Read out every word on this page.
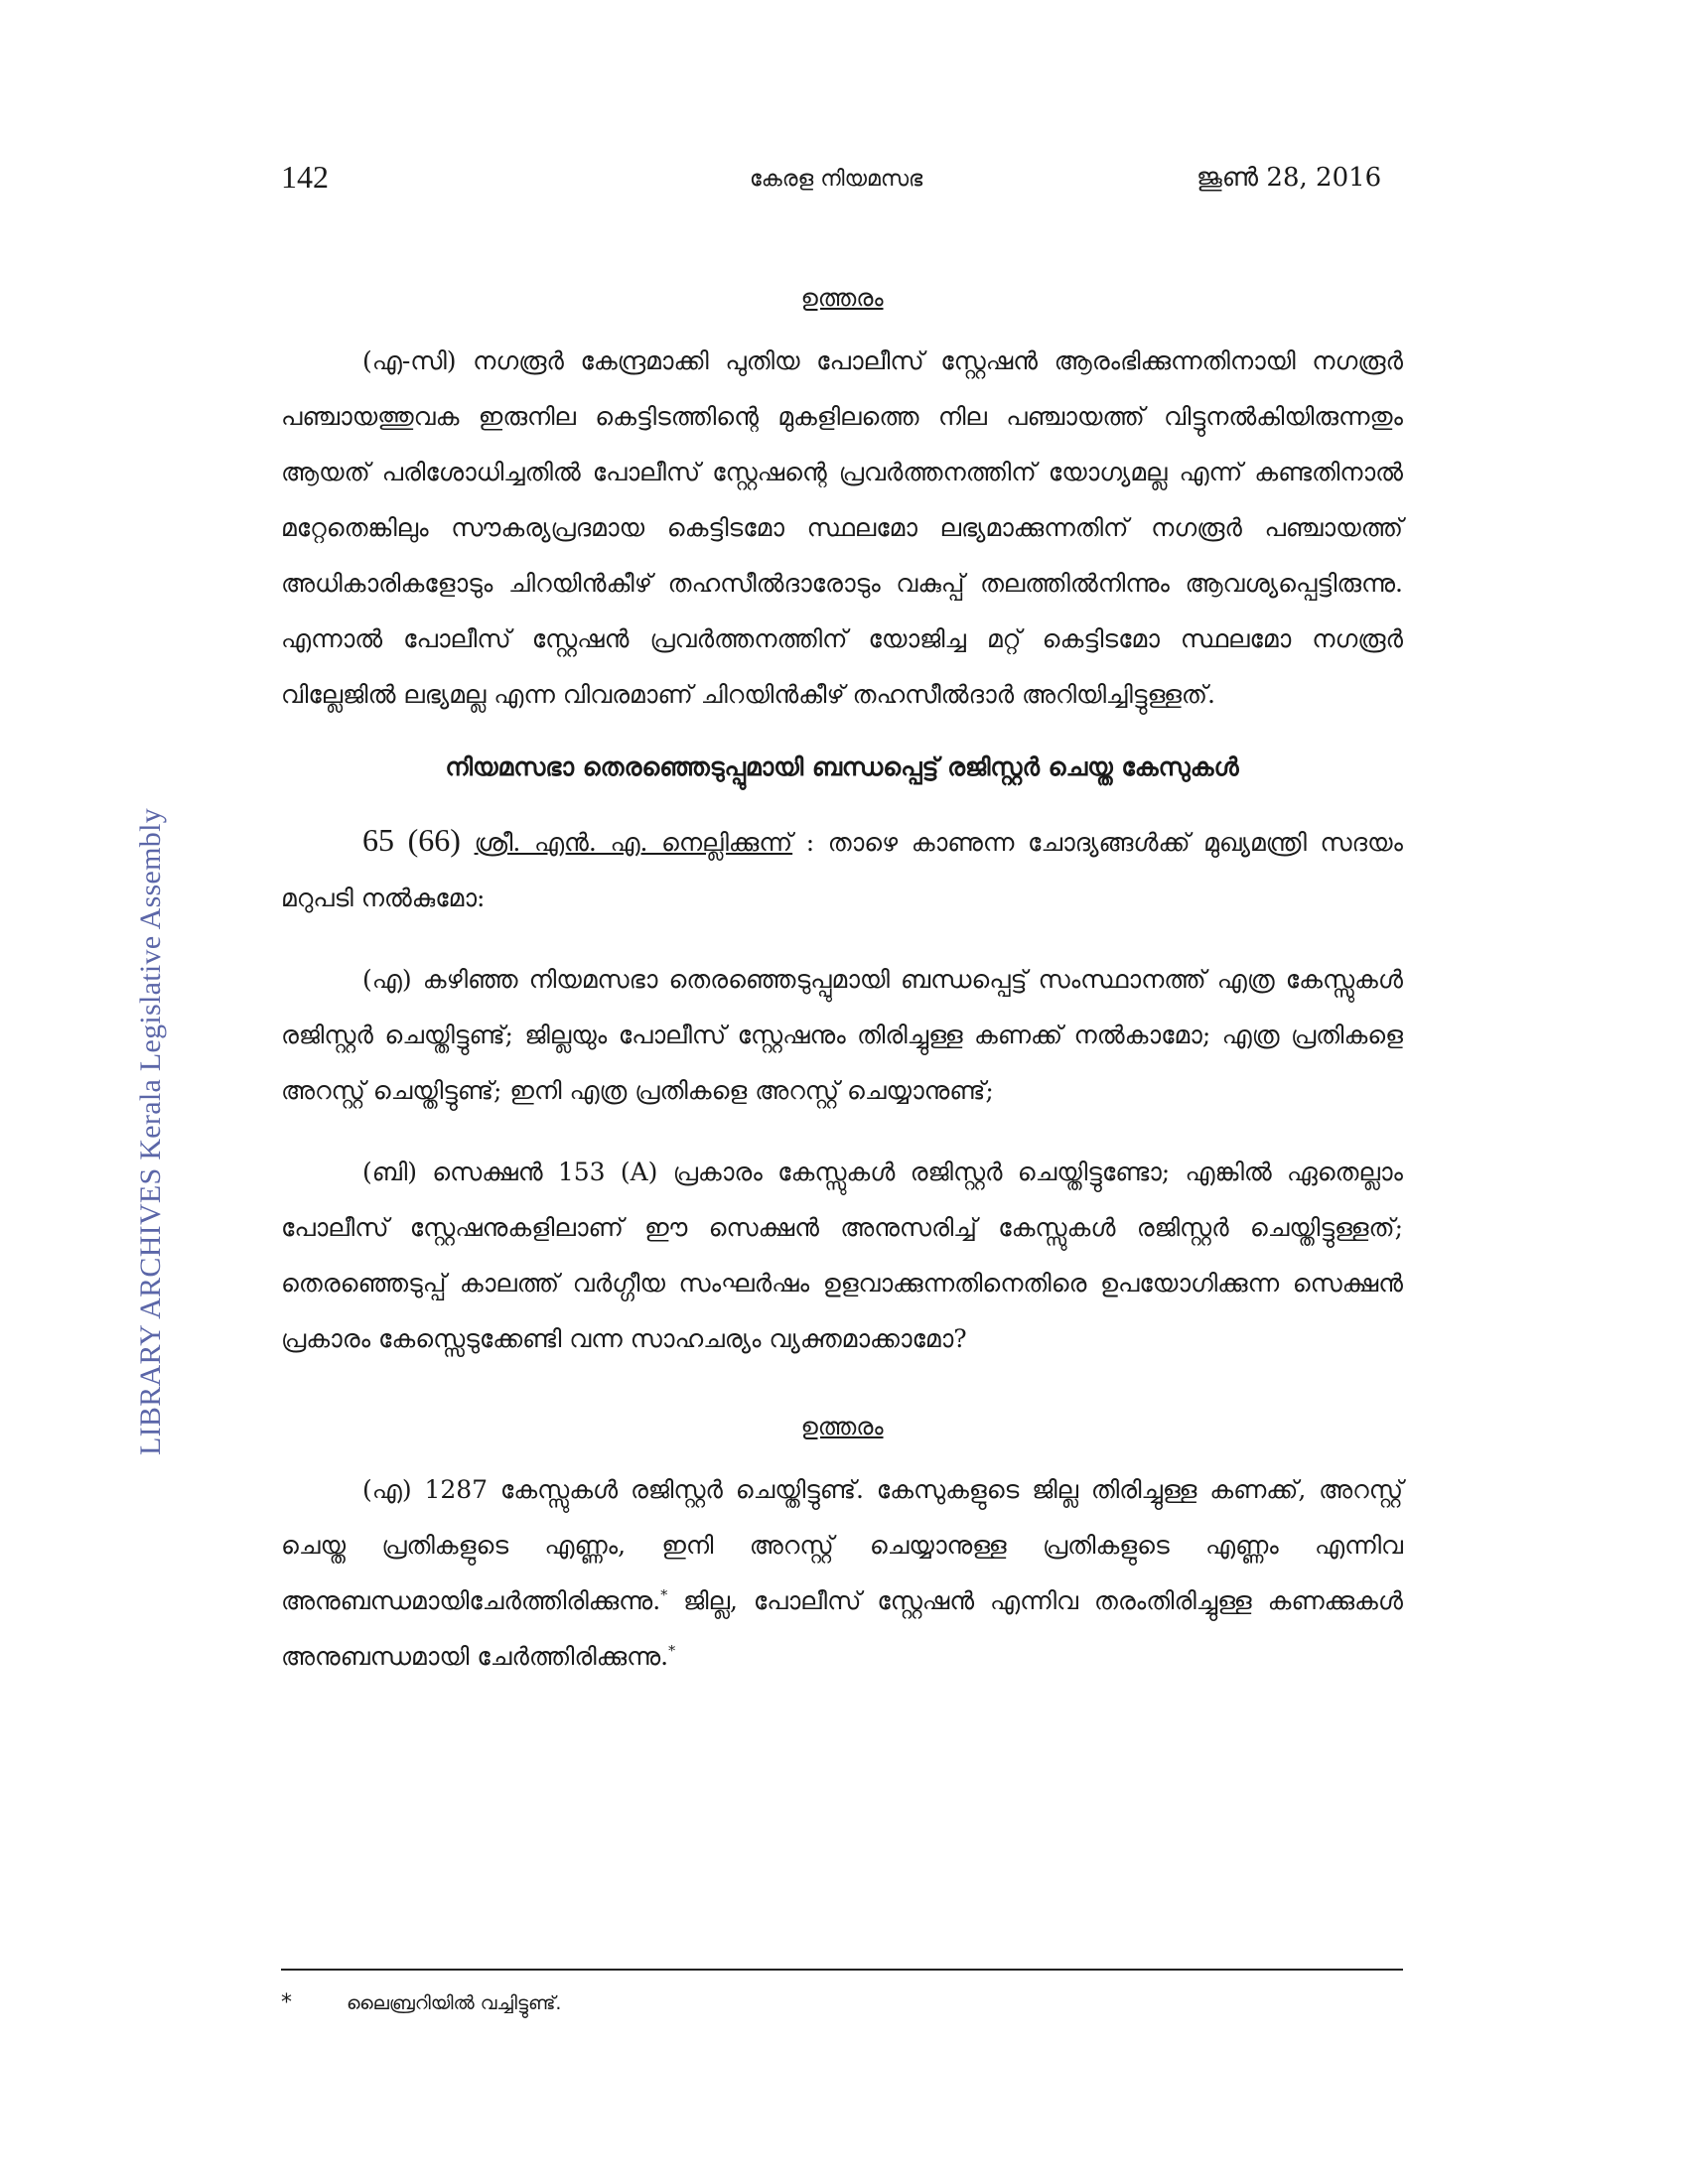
142	കേരള നിയമസഭ	ജൂൺ 28, 2016
LIBRARY ARCHIVES Kerala Legislative Assembly
ഉത്തരം

(എ-സി) നഗരൂർ കേന്ദ്രമാക്കി പുതിയ പോലീസ് സ്റ്റേഷൻ ആരംഭിക്കുന്നതിനായി നഗരൂർ പഞ്ചായത്തുവക ഇരുനില കെട്ടിടത്തിന്റെ മുകളിലത്തെ നില പഞ്ചായത്ത് വിട്ടുനൽകിയിരുന്നതും ആയത് പരിശോധിച്ചതിൽ പോലീസ് സ്റ്റേഷന്റെ പ്രവർത്തനത്തിന് യോഗ്യമല്ല എന്ന് കണ്ടതിനാൽ മറ്റേതെങ്കിലും സൗകര്യപ്രദമായ കെട്ടിടമോ സ്ഥലമോ ലഭ്യമാക്കുന്നതിന് നഗരൂർ പഞ്ചായത്ത് അധികാരികളോടും ചിറയിൻകീഴ് തഹസീൽദാരോടും വകുപ്പ് തലത്തിൽനിന്നും ആവശ്യപ്പെട്ടിരുന്നു. എന്നാൽ പോലീസ് സ്റ്റേഷൻ പ്രവർത്തനത്തിന് യോജിച്ച മറ്റ് കെട്ടിടമോ സ്ഥലമോ നഗരൂർ വില്ലേജിൽ ലഭ്യമല്ല എന്ന വിവരമാണ് ചിറയിൻകീഴ് തഹസീൽദാർ അറിയിച്ചിട്ടുള്ളത്.

നിയമസഭാ തെരഞ്ഞെടുപ്പുമായി ബന്ധപ്പെട്ട് രജിസ്റ്റർ ചെയ്ത കേസുകൾ

65 (66) ശ്രീ. എൻ. എ. നെല്ലിക്കുന്ന് : താഴെ കാണുന്ന ചോദ്യങ്ങൾക്ക് മുഖ്യമന്ത്രി സദയം മറുപടി നൽകുമോ:

(എ) കഴിഞ്ഞ നിയമസഭാ തെരഞ്ഞെടുപ്പുമായി ബന്ധപ്പെട്ട് സംസ്ഥാനത്ത് എത്ര കേസ്സുകൾ രജിസ്റ്റർ ചെയ്തിട്ടുണ്ട്; ജില്ലയും പോലീസ് സ്റ്റേഷനും തിരിച്ചുള്ള കണക്ക് നൽകാമോ; എത്ര പ്രതികളെ അറസ്റ്റ് ചെയ്തിട്ടുണ്ട്; ഇനി എത്ര പ്രതികളെ അറസ്റ്റ് ചെയ്യാനുണ്ട്;

(ബി) സെക്ഷൻ 153 (A) പ്രകാരം കേസ്സുകൾ രജിസ്റ്റർ ചെയ്തിട്ടുണ്ടോ; എങ്കിൽ ഏതെല്ലാം പോലീസ് സ്റ്റേഷനുകളിലാണ് ഈ സെക്ഷൻ അനുസരിച്ച് കേസ്സുകൾ രജിസ്റ്റർ ചെയ്തിട്ടുള്ളത്; തെരഞ്ഞെടുപ്പ് കാലത്ത് വർഗ്ഗീയ സംഘർഷം ഉളവാക്കുന്നതിനെതിരെ ഉപയോഗിക്കുന്ന സെക്ഷൻ പ്രകാരം കേസ്സെടുക്കേണ്ടി വന്ന സാഹചര്യം വ്യക്തമാക്കാമോ?

ഉത്തരം

(എ) 1287 കേസ്സുകൾ രജിസ്റ്റർ ചെയ്തിട്ടുണ്ട്. കേസുകളുടെ ജില്ല തിരിച്ചുള്ള കണക്ക്, അറസ്റ്റ് ചെയ്ത പ്രതികളുടെ എണ്ണം, ഇനി അറസ്റ്റ് ചെയ്യാനുള്ള പ്രതികളുടെ എണ്ണം എന്നിവ അനുബന്ധമായിചേർത്തിരിക്കുന്നു.* ജില്ല, പോലീസ് സ്റ്റേഷൻ എന്നിവ തരംതിരിച്ചുള്ള കണക്കുകൾ അനുബന്ധമായി ചേർത്തിരിക്കുന്നു.*

*	ലൈബ്രറിയിൽ വച്ചിട്ടുണ്ട്.
